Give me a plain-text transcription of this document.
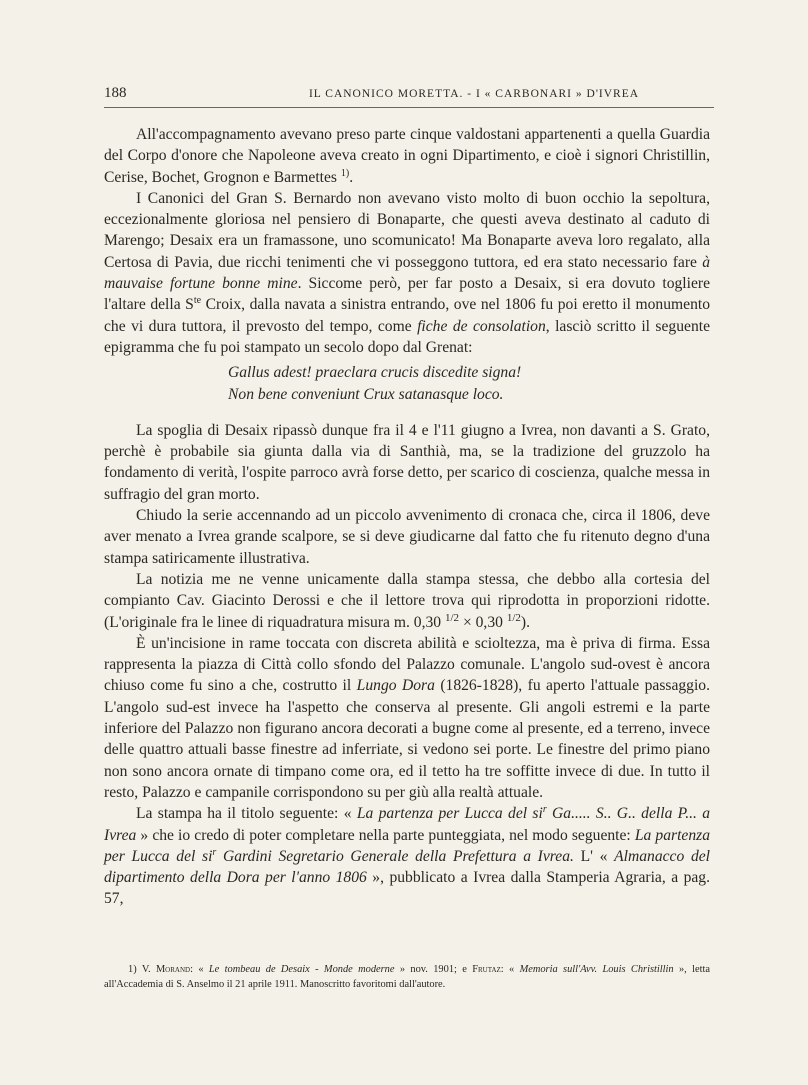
188	IL CANONICO MORETTA. - I « CARBONARI » D'IVREA

All'accompagnamento avevano preso parte cinque valdostani appartenenti a quella Guardia del Corpo d'onore che Napoleone aveva creato in ogni Dipartimento, e cioè i signori Christillin, Cerise, Bochet, Grognon e Barmettes $^{1)}$.

I Canonici del Gran S. Bernardo non avevano visto molto di buon occhio la sepoltura, eccezionalmente gloriosa nel pensiero di Bonaparte, che questi aveva destinato al caduto di Marengo; Desaix era un framassone, uno scomunicato! Ma Bonaparte aveva loro regalato, alla Certosa di Pavia, due ricchi tenimenti che vi posseggono tuttora, ed era stato necessario fare à mauvaise fortune bonne mine. Siccome però, per far posto a Desaix, si era dovuto togliere l'altare della $S^{te}$ Croix, dalla navata a sinistra entrando, ove nel 1806 fu poi eretto il monumento che vi dura tuttora, il prevosto del tempo, come fiche de consolation, lasciò scritto il seguente epigramma che fu poi stampato un secolo dopo dal Grenat:

Gallus adest! praeclara crucis discedite signa!
Non bene conveniunt Crux satanasque loco.

La spoglia di Desaix ripassò dunque fra il 4 e l'11 giugno a Ivrea, non davanti a S. Grato, perchè è probabile sia giunta dalla via di Santhià, ma, se la tradizione del gruzzolo ha fondamento di verità, l'ospite parroco avrà forse detto, per scarico di coscienza, qualche messa in suffragio del gran morto.

Chiudo la serie accennando ad un piccolo avvenimento di cronaca che, circa il 1806, deve aver menato a Ivrea grande scalpore, se si deve giudicarne dal fatto che fu ritenuto degno d'una stampa satiricamente illustrativa.

La notizia me ne venne unicamente dalla stampa stessa, che debbo alla cortesia del compianto Cav. Giacinto Derossi e che il lettore trova qui riprodotta in proporzioni ridotte. (L'originale fra le linee di riquadratura misura m. 0,30 $^{1/2}$ × 0,30 $^{1/2}$).

È un'incisione in rame toccata con discreta abilità e scioltezza, ma è priva di firma. Essa rappresenta la piazza di Città collo sfondo del Palazzo comunale. L'angolo sud-ovest è ancora chiuso come fu sino a che, costrutto il Lungo Dora (1826-1828), fu aperto l'attuale passaggio. L'angolo sud-est invece ha l'aspetto che conserva al presente. Gli angoli estremi e la parte inferiore del Palazzo non figurano ancora decorati a bugne come al presente, ed a terreno, invece delle quattro attuali basse finestre ad inferriate, si vedono sei porte. Le finestre del primo piano non sono ancora ornate di timpano come ora, ed il tetto ha tre soffitte invece di due. In tutto il resto, Palazzo e campanile corrispondono su per giù alla realtà attuale.

La stampa ha il titolo seguente: « La partenza per Lucca del $si^r$ Ga..... S.. G.. della P... a Ivrea » che io credo di poter completare nella parte punteggiata, nel modo seguente: La partenza per Lucca del $si^r$ Gardini Segretario Generale della Prefettura a Ivrea. L' « Almanacco del dipartimento della Dora per l'anno 1806 », pubblicato a Ivrea dalla Stamperia Agraria, a pag. 57,

1) V. Morand: « Le tombeau de Desaix - Monde moderne » nov. 1901; e Frutaz: « Memoria sull'Avv. Louis Christillin », letta all'Accademia di S. Anselmo il 21 aprile 1911. Manoscritto favoritomi dall'autore.
